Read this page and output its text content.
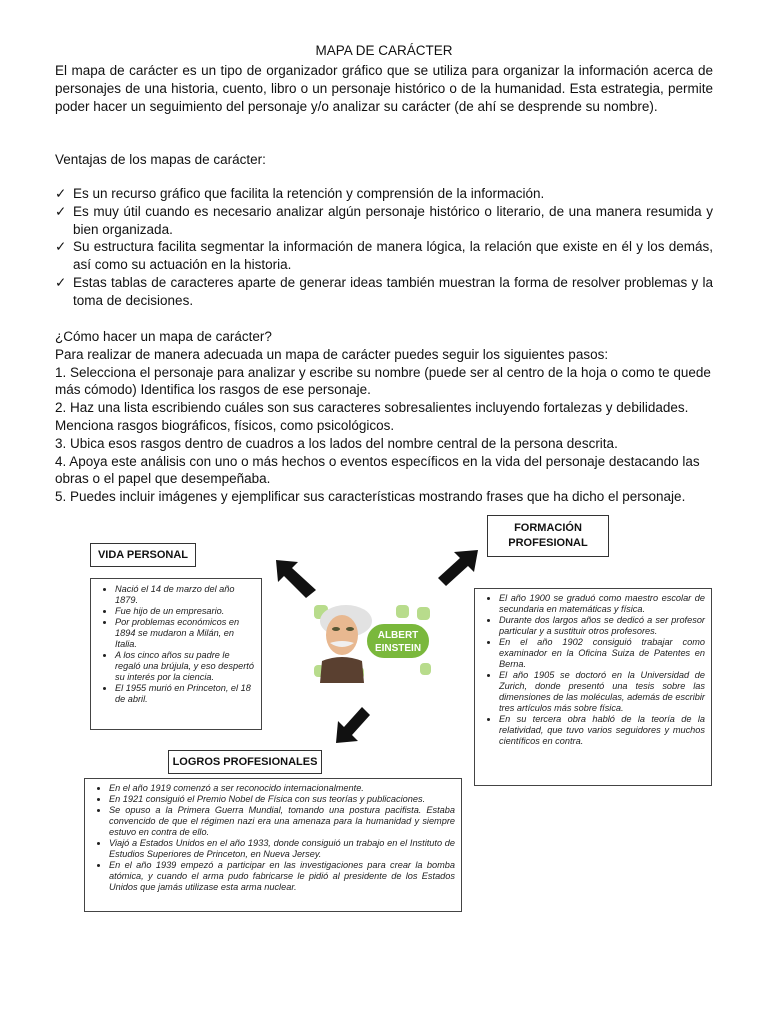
MAPA DE CARÁCTER

El mapa de carácter es un tipo de organizador gráfico que se utiliza para organizar la información acerca de personajes de una historia, cuento, libro o un personaje histórico o de la humanidad. Esta estrategia, permite poder hacer un seguimiento del personaje y/o analizar su carácter (de ahí se desprende su nombre).

Ventajas de los mapas de carácter:

✓ Es un recurso gráfico que facilita la retención y comprensión de la información.
✓ Es muy útil cuando es necesario analizar algún personaje histórico o literario, de una manera resumida y bien organizada.
✓ Su estructura facilita segmentar la información de manera lógica, la relación que existe en él y los demás, así como su actuación en la historia.
✓ Estas tablas de caracteres aparte de generar ideas también muestran la forma de resolver problemas y la toma de decisiones.

¿Cómo hacer un mapa de carácter?

Para realizar de manera adecuada un mapa de carácter puedes seguir los siguientes pasos:

1. Selecciona el personaje para analizar y escribe su nombre (puede ser al centro de la hoja o como te quede más cómodo) Identifica los rasgos de ese personaje.

2. Haz una lista escribiendo cuáles son sus caracteres sobresalientes incluyendo fortalezas y debilidades. Menciona rasgos biográficos, físicos, como psicológicos.

3. Ubica esos rasgos dentro de cuadros a los lados del nombre central de la persona descrita.

4. Apoya este análisis con uno o más hechos o eventos específicos en la vida del personaje destacando las obras o el papel que desempeñaba.

5. Puedes incluir imágenes y ejemplificar sus características mostrando frases que ha dicho el personaje.

VIDA PERSONAL
• Nació el 14 de marzo del año 1879.
• Fue hijo de un empresario.
• Por problemas económicos en 1894 se mudaron a Milán, en Italia.
• A los cinco años su padre le regaló una brújula, y eso despertó su interés por la ciencia.
• El 1955 murió en Princeton, el 18 de abril.
FORMACIÓN
PROFESIONAL
• El año 1900 se graduó como maestro escolar de secundaria en matemáticas y física.
• Durante dos largos años se dedicó a ser profesor particular y a sustituir otros profesores.
• En el año 1902 consiguió trabajar como examinador en la Oficina Suiza de Patentes en Berna.
• El año 1905 se doctoró en la Universidad de Zurich, donde presentó una tesis sobre las dimensiones de las moléculas, además de escribir tres artículos más sobre física.
• En su tercera obra habló de la teoría de la relatividad, que tuvo varios seguidores y muchos científicos en contra.
LOGROS PROFESIONALES
• En el año 1919 comenzó a ser reconocido internacionalmente.
• En 1921 consiguió el Premio Nobel de Física con sus teorías y publicaciones.
• Se opuso a la Primera Guerra Mundial, tomando una postura pacifista. Estaba convencido de que el régimen nazi era una amenaza para la humanidad y siempre estuvo en contra de ello.
• Viajó a Estados Unidos en el año 1933, donde consiguió un trabajo en el Instituto de Estudios Superiores de Princeton, en Nueva Jersey.
• En el año 1939 empezó a participar en las investigaciones para crear la bomba atómica, y cuando el arma pudo fabricarse le pidió al presidente de los Estados Unidos que jamás utilizase esta arma nuclear.
ALBERT
EINSTEIN
